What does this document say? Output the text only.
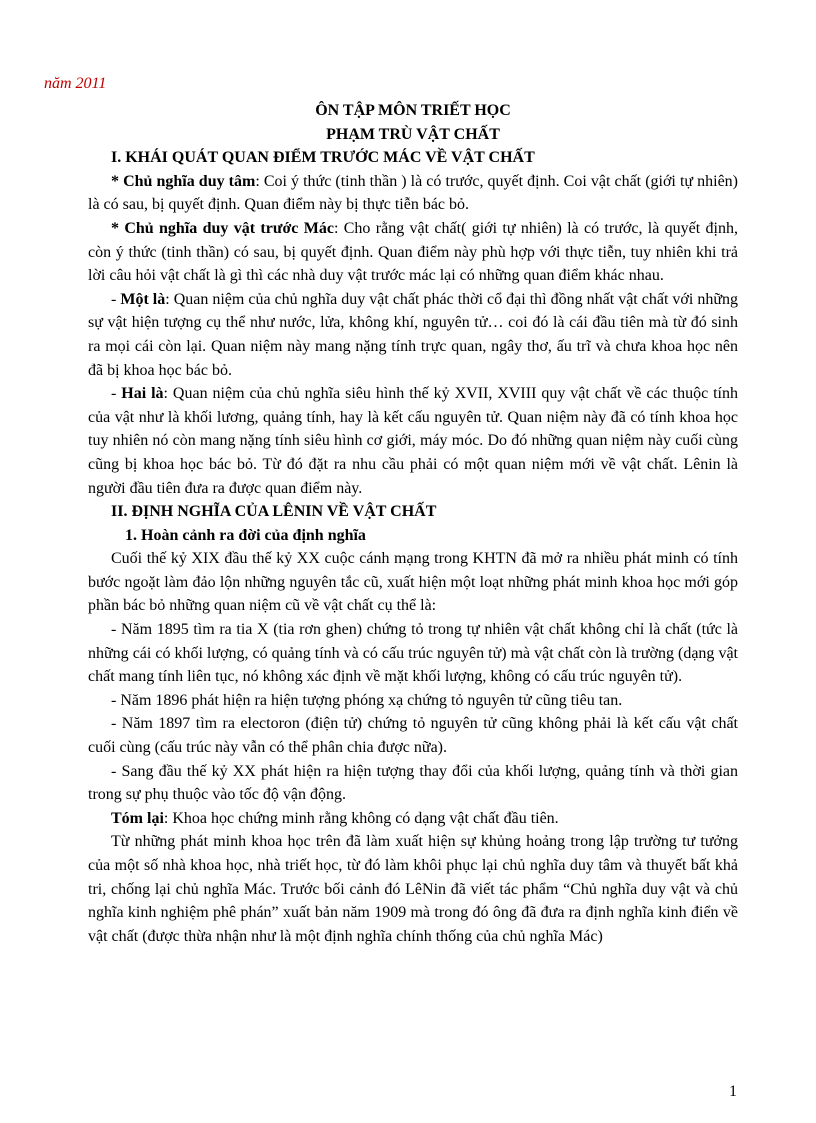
năm 2011
ÔN TẬP MÔN TRIẾT HỌC
PHẠM TRÙ VẬT CHẤT
I. KHÁI QUÁT QUAN ĐIỂM TRƯỚC MÁC VỀ VẬT CHẤT

* Chủ nghĩa duy tâm: Coi ý thức (tinh thần ) là có trước, quyết định. Coi vật chất (giới tự nhiên) là có sau, bị quyết định. Quan điểm này bị thực tiễn bác bỏ.

* Chủ nghĩa duy vật trước Mác: Cho rằng vật chất( giới tự nhiên) là có trước, là quyết định, còn ý thức (tinh thần) có sau, bị quyết định. Quan điểm này phù hợp với thực tiễn, tuy nhiên khi trả lời câu hỏi vật chất là gì thì các nhà duy vật trước mác lại có những quan điểm khác nhau.

- Một là: Quan niệm của chủ nghĩa duy vật chất phác thời cổ đại thì đồng nhất vật chất với những sự vật hiện tượng cụ thể như nước, lửa, không khí, nguyên tử… coi đó là cái đầu tiên mà từ đó sinh ra mọi cái còn lại. Quan niệm này mang nặng tính trực quan, ngây thơ, ấu trĩ và chưa khoa học nên đã bị khoa học bác bỏ.

- Hai là: Quan niệm của chủ nghĩa siêu hình thế kỷ XVII, XVIII quy vật chất về các thuộc tính của vật như là khối lương, quảng tính, hay là kết cấu nguyên tử. Quan niệm này đã có tính khoa học tuy nhiên nó còn mang nặng tính siêu hình cơ giới, máy móc. Do đó những quan niệm này cuối cùng cũng bị khoa học bác bỏ. Từ đó đặt ra nhu cầu phải có một quan niệm mới về vật chất. Lênin là người đầu tiên đưa ra được quan điểm này.

II. ĐỊNH NGHĨA CỦA LÊNIN VỀ VẬT CHẤT
1. Hoàn cảnh ra đời của định nghĩa

Cuối thế kỷ XIX đầu thế kỷ XX cuộc cánh mạng trong KHTN đã mở ra nhiều phát minh có tính bước ngoặt làm đảo lộn những nguyên tắc cũ, xuất hiện một loạt những phát minh khoa học mới góp phần bác bỏ những quan niệm cũ về vật chất cụ thể là:

- Năm 1895 tìm ra tia X (tia rơn ghen) chứng tỏ trong tự nhiên vật chất không chỉ là chất (tức là những cái có khối lượng, có quảng tính và có cấu trúc nguyên tử) mà vật chất còn là trường (dạng vật chất mang tính liên tục, nó không xác định về mặt khối lượng, không có cấu trúc nguyên tử).

- Năm 1896 phát hiện ra hiện tượng phóng xạ chứng tỏ nguyên tử cũng tiêu tan.

- Năm 1897 tìm ra electoron (điện tử) chứng tỏ nguyên tử cũng không phải là kết cấu vật chất cuối cùng (cấu trúc này vẫn có thể phân chia được nữa).

- Sang đầu thế kỷ XX phát hiện ra hiện tượng thay đổi của khối lượng, quảng tính và thời gian trong sự phụ thuộc vào tốc độ vận động.

Tóm lại: Khoa học chứng minh rằng không có dạng vật chất đầu tiên.

Từ những phát minh khoa học trên đã làm xuất hiện sự khủng hoảng trong lập trường tư tưởng của một số nhà khoa học, nhà triết học, từ đó làm khôi phục lại chủ nghĩa duy tâm và thuyết bất khả tri, chống lại chủ nghĩa Mác. Trước bối cảnh đó LêNin đã viết tác phẩm “Chủ nghĩa duy vật và chủ nghĩa kinh nghiệm phê phán” xuất bản năm 1909 mà trong đó ông đã đưa ra định nghĩa kinh điển về vật chất (được thừa nhận như là một định nghĩa chính thống của chủ nghĩa Mác)

1
